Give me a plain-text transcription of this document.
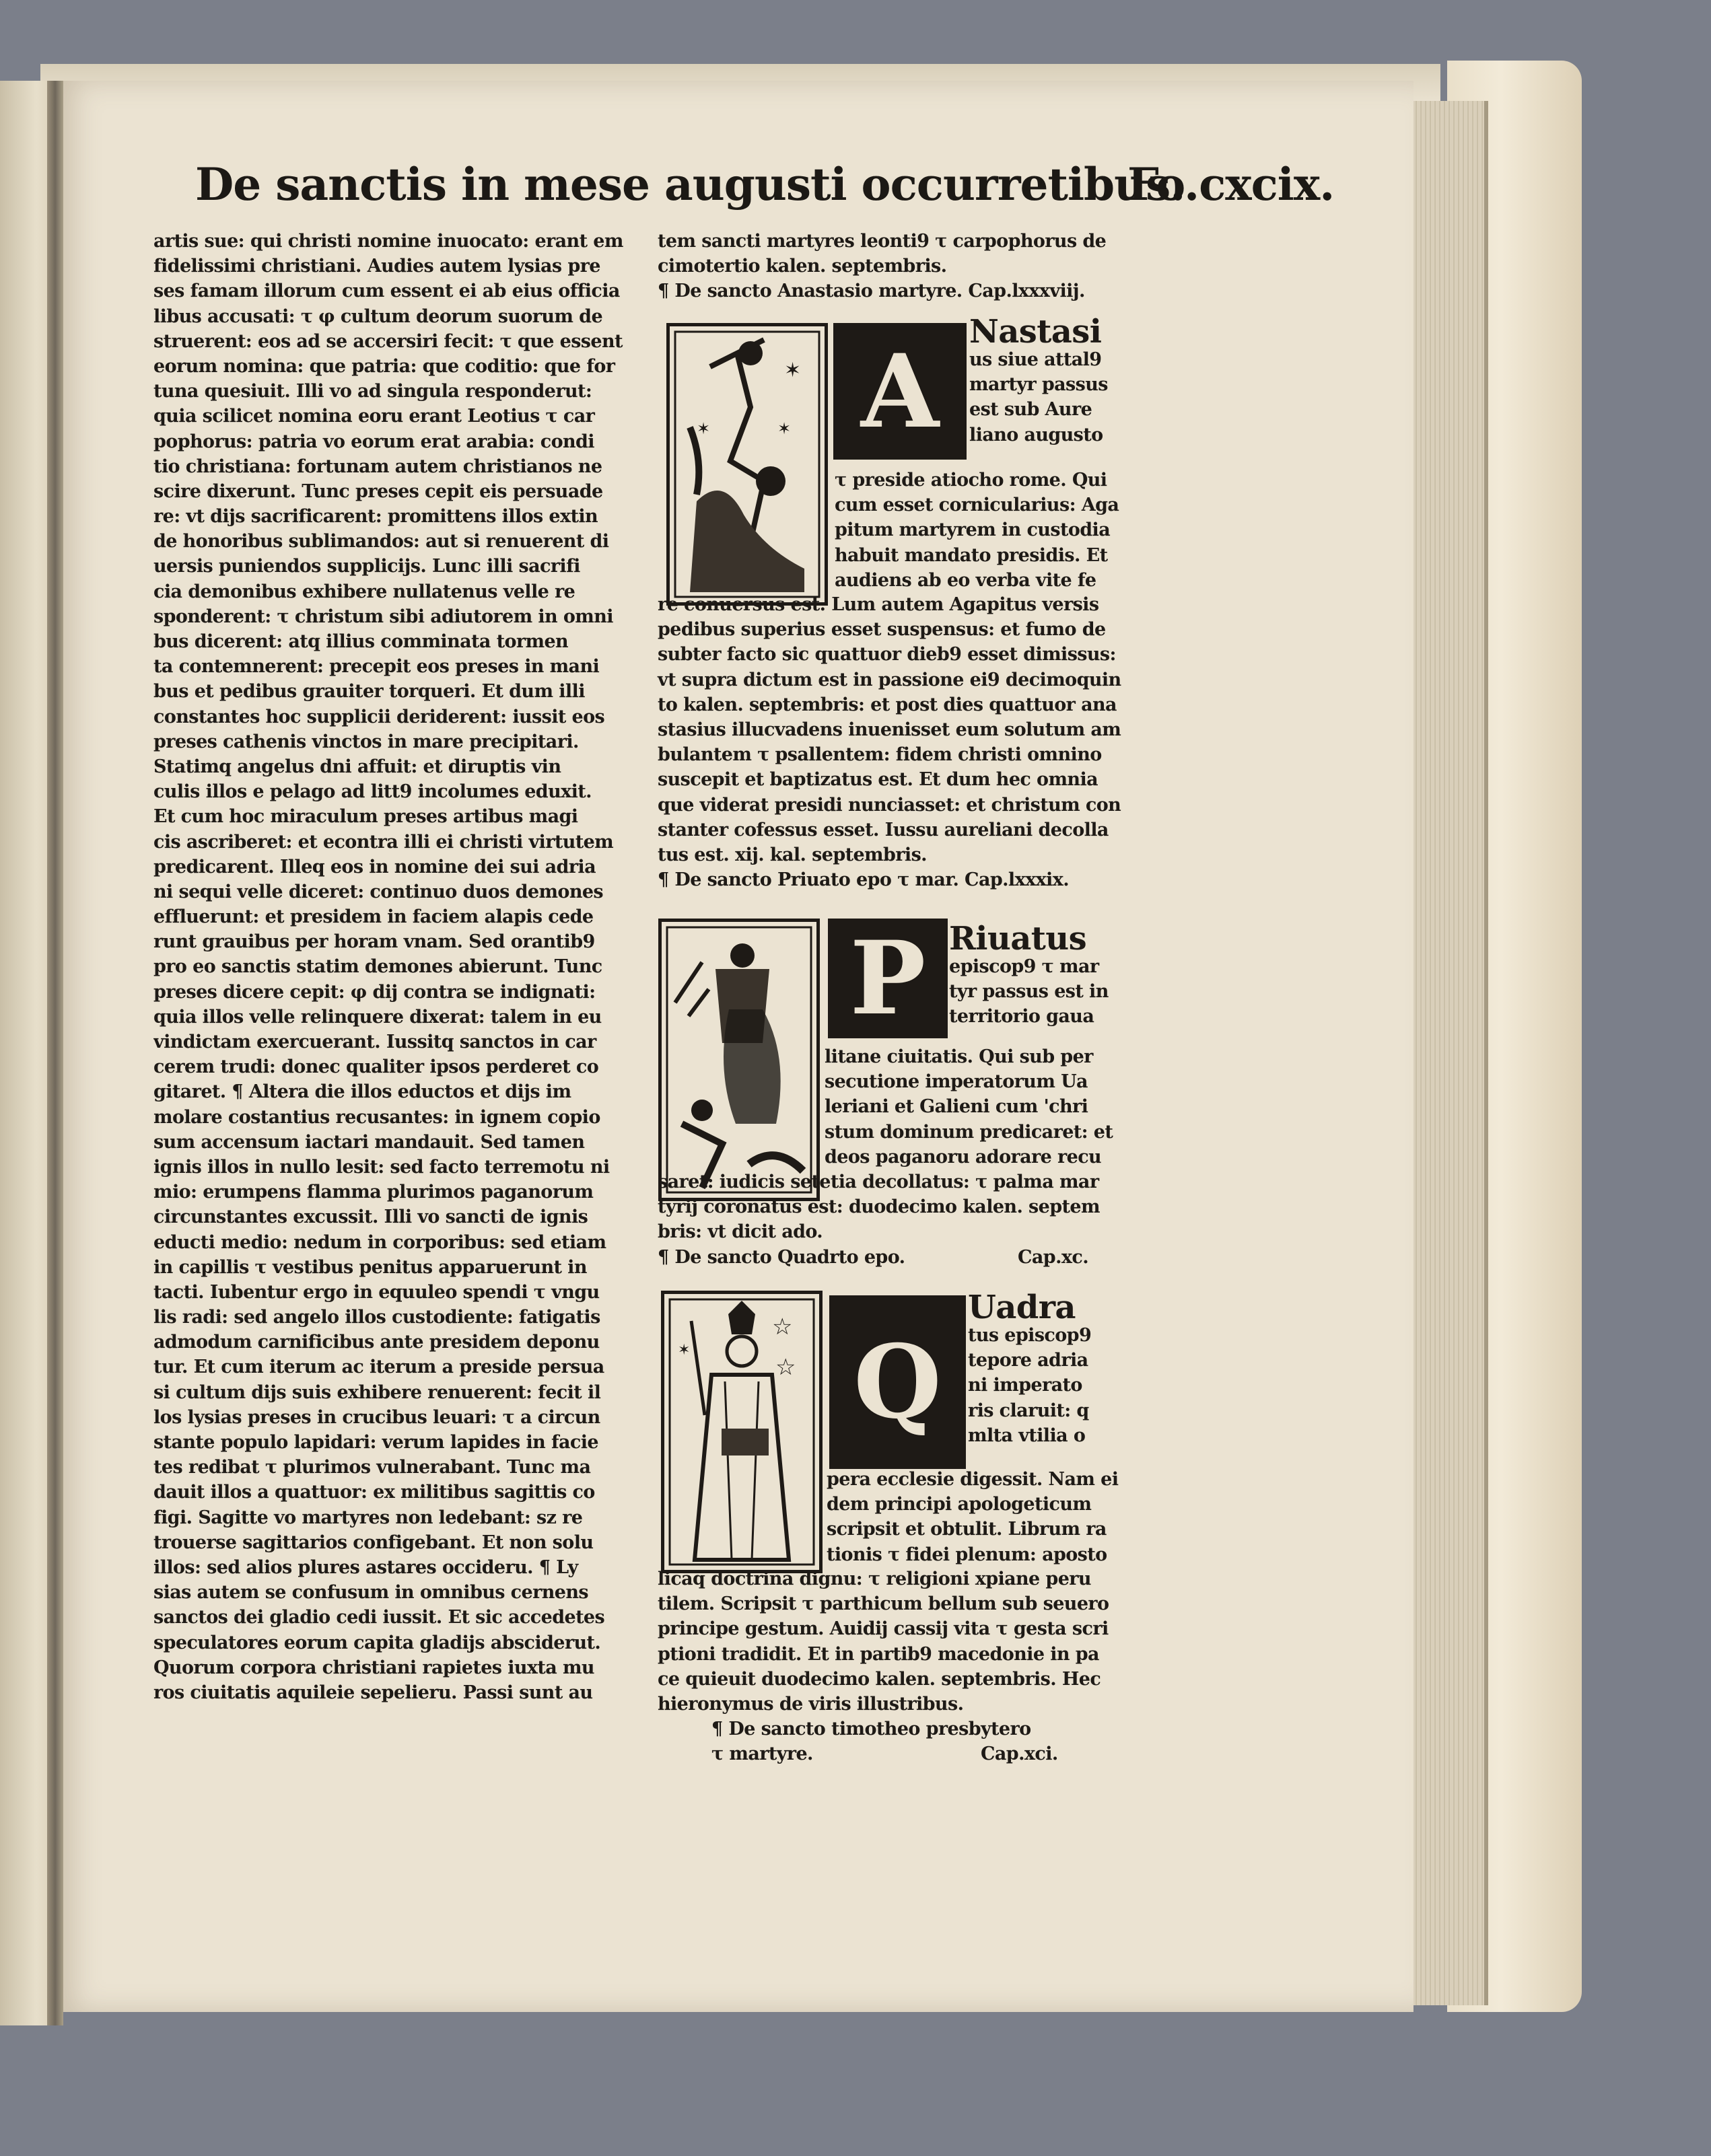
De sanctis in mese augusti occurretibus.
Fo.cxcix.
artis sue: qui christi nomine inuocato: erant em
fidelissimi christiani. Audies autem lysias pre
ses famam illorum cum essent ei ab eius officia
libus accusati: τ φ cultum deorum suorum de
struerent: eos ad se accersiri fecit: τ que essent
eorum nomina: que patria: que coditio: que for
tuna quesiuit. Illi vo ad singula responderut:
quia scilicet nomina eoru erant Leotius τ car
pophorus: patria vo eorum erat arabia: condi
tio christiana: fortunam autem christianos ne
scire dixerunt. Tunc preses cepit eis persuade
re: vt dijs sacrificarent: promittens illos extin
de honoribus sublimandos: aut si renuerent di
uersis puniendos supplicijs. Lunc illi sacrifi
cia demonibus exhibere nullatenus velle re
sponderent: τ christum sibi adiutorem in omni
bus dicerent: atq illius comminata tormen
ta contemnerent: precepit eos preses in mani
bus et pedibus grauiter torqueri. Et dum illi
constantes hoc supplicii deriderent: iussit eos
preses cathenis vinctos in mare precipitari.
Statimq angelus dni affuit: et diruptis vin
culis illos e pelago ad litt9 incolumes eduxit.
Et cum hoc miraculum preses artibus magi
cis ascriberet: et econtra illi ei christi virtutem
predicarent. Illeq eos in nomine dei sui adria
ni sequi velle diceret: continuo duos demones
effluerunt: et presidem in faciem alapis cede
runt grauibus per horam vnam. Sed orantib9
pro eo sanctis statim demones abierunt. Tunc
preses dicere cepit: φ dij contra se indignati:
quia illos velle relinquere dixerat: talem in eu
vindictam exercuerant. Iussitq sanctos in car
cerem trudi: donec qualiter ipsos perderet co
gitaret. ¶ Altera die illos eductos et dijs im
molare costantius recusantes: in ignem copio
sum accensum iactari mandauit. Sed tamen
ignis illos in nullo lesit: sed facto terremotu ni
mio: erumpens flamma plurimos paganorum
circunstantes excussit. Illi vo sancti de ignis
educti medio: nedum in corporibus: sed etiam
in capillis τ vestibus penitus apparuerunt in
tacti. Iubentur ergo in equuleo spendi τ vngu
lis radi: sed angelo illos custodiente: fatigatis
admodum carnificibus ante presidem deponu
tur. Et cum iterum ac iterum a preside persua
si cultum dijs suis exhibere renuerent: fecit il
los lysias preses in crucibus leuari: τ a circun
stante populo lapidari: verum lapides in facie
tes redibat τ plurimos vulnerabant. Tunc ma
dauit illos a quattuor: ex militibus sagittis co
figi. Sagitte vo martyres non ledebant: sz re
trouerse sagittarios configebant. Et non solu
illos: sed alios plures astares occideru. ¶ Ly
sias autem se confusum in omnibus cernens
sanctos dei gladio cedi iussit. Et sic accedetes
speculatores eorum capita gladijs absciderut.
Quorum corpora christiani rapietes iuxta mu
ros ciuitatis aquileie sepelieru. Passi sunt au
tem sancti martyres leonti9 τ carpophorus de
cimotertio kalen. septembris.
¶ De sancto Anastasio martyre. Cap.lxxxviij.
✶
✶	✶ A
Nastasi
us siue attal9
martyr passus
est sub Aure
liano augusto
τ preside atiocho rome. Qui
cum esset cornicularius: Aga
pitum martyrem in custodia
habuit mandato presidis. Et
audiens ab eo verba vite fe
re conuersus est. Lum autem Agapitus versis
pedibus superius esset suspensus: et fumo de
subter facto sic quattuor dieb9 esset dimissus:
vt supra dictum est in passione ei9 decimoquin
to kalen. septembris: et post dies quattuor ana
stasius illucvadens inuenisset eum solutum am
bulantem τ psallentem: fidem christi omnino
suscepit et baptizatus est. Et dum hec omnia
que viderat presidi nunciasset: et christum con
stanter cofessus esset. Iussu aureliani decolla
tus est. xij. kal. septembris.
¶ De sancto Priuato epo τ mar. Cap.lxxxix.
P Riuatus
episcop9 τ mar
tyr passus est in
territorio gaua
litane ciuitatis. Qui sub per
secutione imperatorum Ua
leriani et Galieni cum 'chri
stum dominum predicaret: et
deos paganoru adorare recu
saret: iudicis setetia decollatus: τ palma mar
tyrij coronatus est: duodecimo kalen. septem
bris: vt dicit ado.
¶ De sancto Quadrto epo.	Cap.xc.
☆
☆
✶ Q
Uadra
tus episcop9
tepore adria
ni imperato
ris claruit: q
mlta vtilia o
pera ecclesie digessit. Nam ei
dem principi apologeticum
scripsit et obtulit. Librum ra
tionis τ fidei plenum: aposto
licaq doctrina dignu: τ religioni xpiane peru
tilem. Scripsit τ parthicum bellum sub seuero
principe gestum. Auidij cassij vita τ gesta scri
ptioni tradidit. Et in partib9 macedonie in pa
ce quieuit duodecimo kalen. septembris. Hec
hieronymus de viris illustribus.
¶ De sancto timotheo presbytero
τ martyre.	Cap.xci.
